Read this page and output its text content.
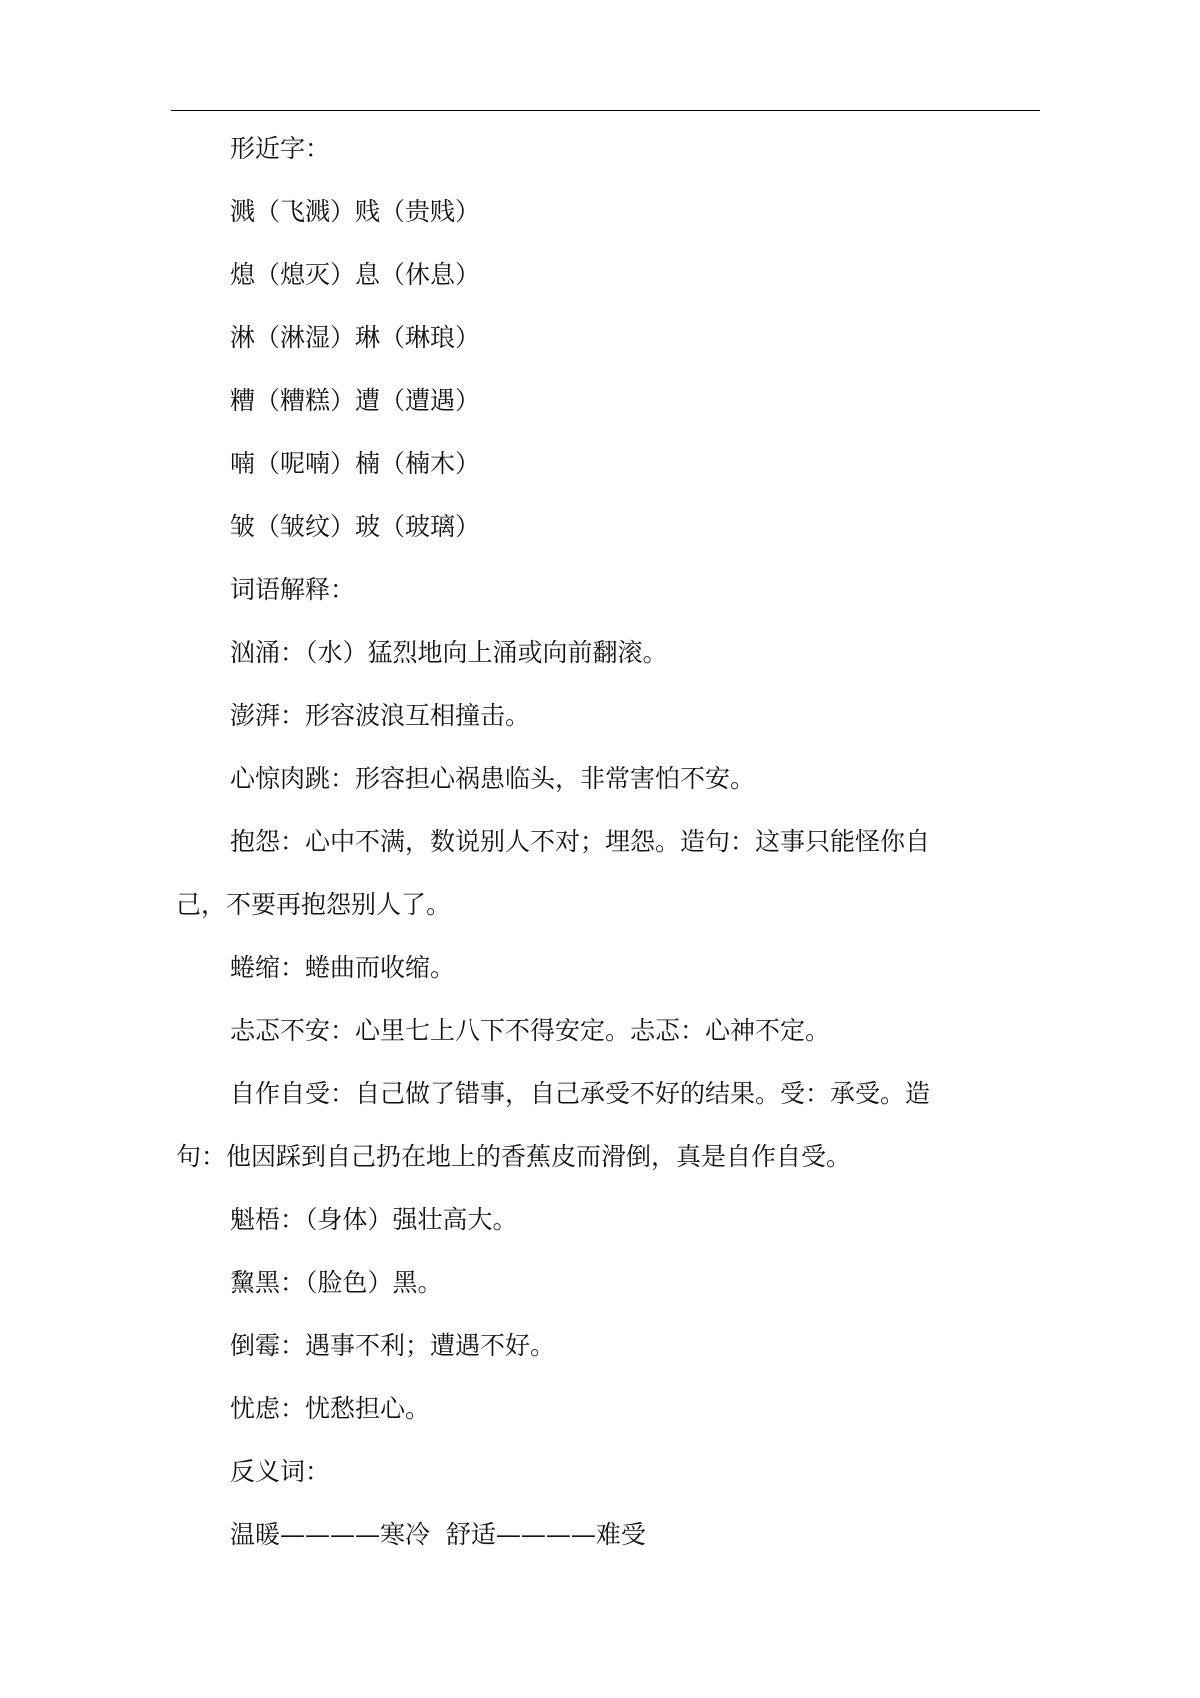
形近字：
溅（飞溅）贱（贵贱）
熄（熄灭）息（休息）
淋（淋湿）琳（琳琅）
糟（糟糕）遭（遭遇）
喃（呢喃）楠（楠木）
皱（皱纹）玻（玻璃）
词语解释：
汹涌：（水）猛烈地向上涌或向前翻滚。
澎湃：形容波浪互相撞击。
心惊肉跳：形容担心祸患临头，非常害怕不安。
抱怨：心中不满，数说别人不对；埋怨。造句：这事只能怪你自
己，不要再抱怨别人了。
蜷缩：蜷曲而收缩。
忐忑不安：心里七上八下不得安定。忐忑：心神不定。
自作自受：自己做了错事，自己承受不好的结果。受：承受。造
句：他因踩到自己扔在地上的香蕉皮而滑倒，真是自作自受。
魁梧：（身体）强壮高大。
黧黑：（脸色）黑。
倒霉：遇事不利；遭遇不好。
忧虑：忧愁担心。
反义词：
温暖————寒冷  舒适————难受
